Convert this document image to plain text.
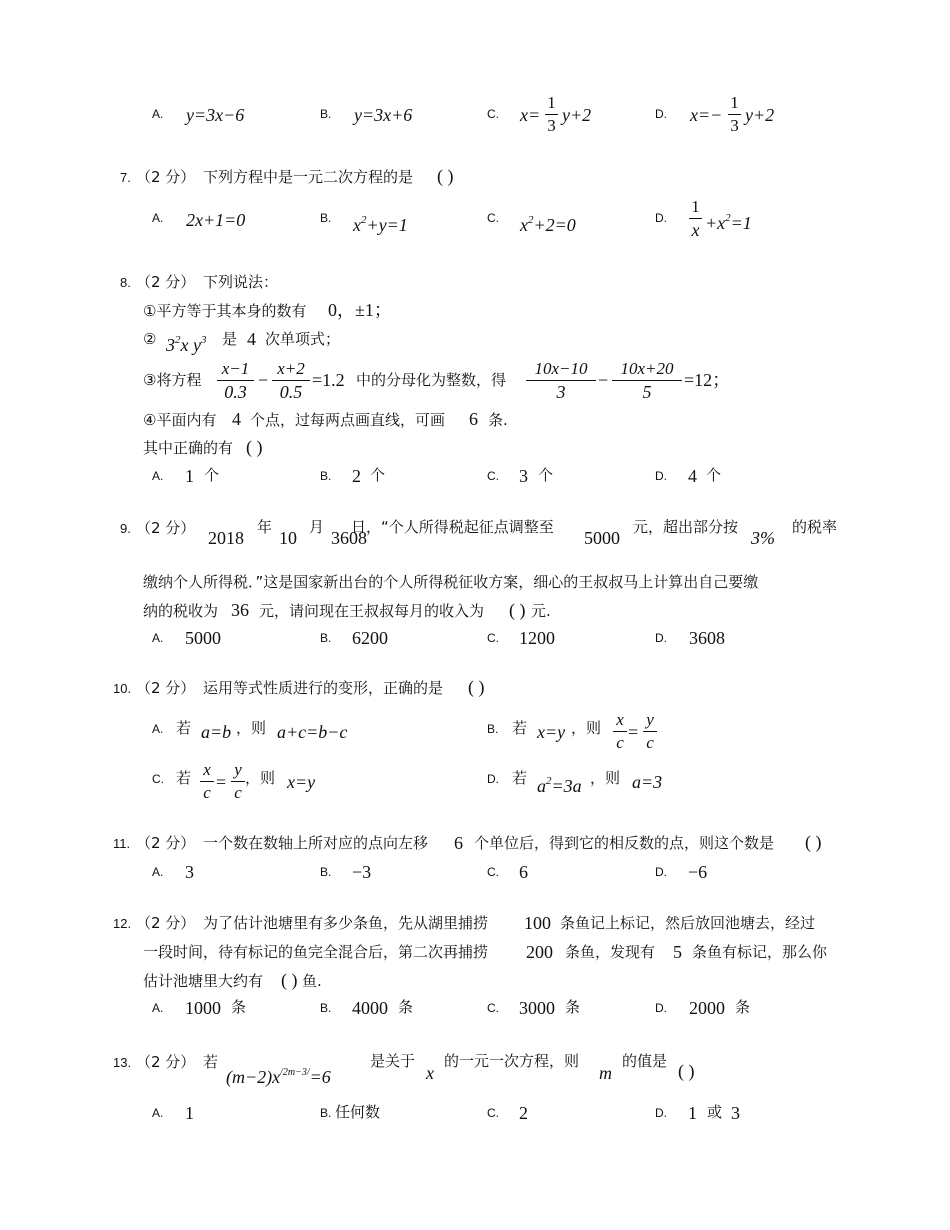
A. y=3x−6	B. y=3x+6	C. x=
1
3
y+2	D. x=−
1
3
y+2
7. （2 分） 下列方程中是一元二次方程的是 ( )
A. 2x+1=0	B. $x^2+y=1$	C. $x^2+2=0$	D.
1
$x +x^2=1$
8. （2 分） 下列说法：
①平方等于其本身的数有 0，±1；
② $3^2x$ $y^3$ 是 4 次单项式；
③将方程
x−1
0.3
−
x+2
0.5
=1.2 中的分母化为整数，得
10x−10
3
−
10x+20
5
=12；
④平面内有 4 个点，过每两点画直线，可画 6 条.
其中正确的有 ( )
A. 1 个	B. 2 个	C. 3 个	D. 4 个
9. （2 分） 2018
年
10
月
3608
日，“个人所得税起征点调整至
5000
元，超出部分按
3%
的税率
缴纳个人所得税．”这是国家新出台的个人所得税征收方案，细心的王叔叔马上计算出自己要缴
纳的税收为 36 元，请问现在王叔叔每月的收入为 ( ) 元.
A. 5000	B. 6200	C. 1200	D. 3608
10. （2 分） 运用等式性质进行的变形，正确的是 ( )
A. 若 a=b ，则 a+c=b−c	B. 若 x=y ，则 x
c
=
y
c
C. 若 x
c
=
y
c
，则 x=y	D. 若 $a^2=3a$ ，则 a=3
11. （2 分） 一个数在数轴上所对应的点向左移 6 个单位后，得到它的相反数的点，则这个数是 ( )
A. 3	B. −3	C. 6	D. −6
12. （2 分） 为了估计池塘里有多少条鱼，先从湖里捕捞 100 条鱼记上标记，然后放回池塘去，经过
一段时间，待有标记的鱼完全混合后，第二次再捕捞 200 条鱼，发现有 5 条鱼有标记，那么你
估计池塘里大约有 ( ) 鱼.
A. 1000 条	B. 4000 条	C. 3000 条	D. 2000 条
13. （2 分） 若
$(m-2)x^{/2m-3/}=6$
是关于
x
的一元一次方程，则
m
的值是 ( )
A. 1	B. 任何数	C. 2	D. 1 或 3
